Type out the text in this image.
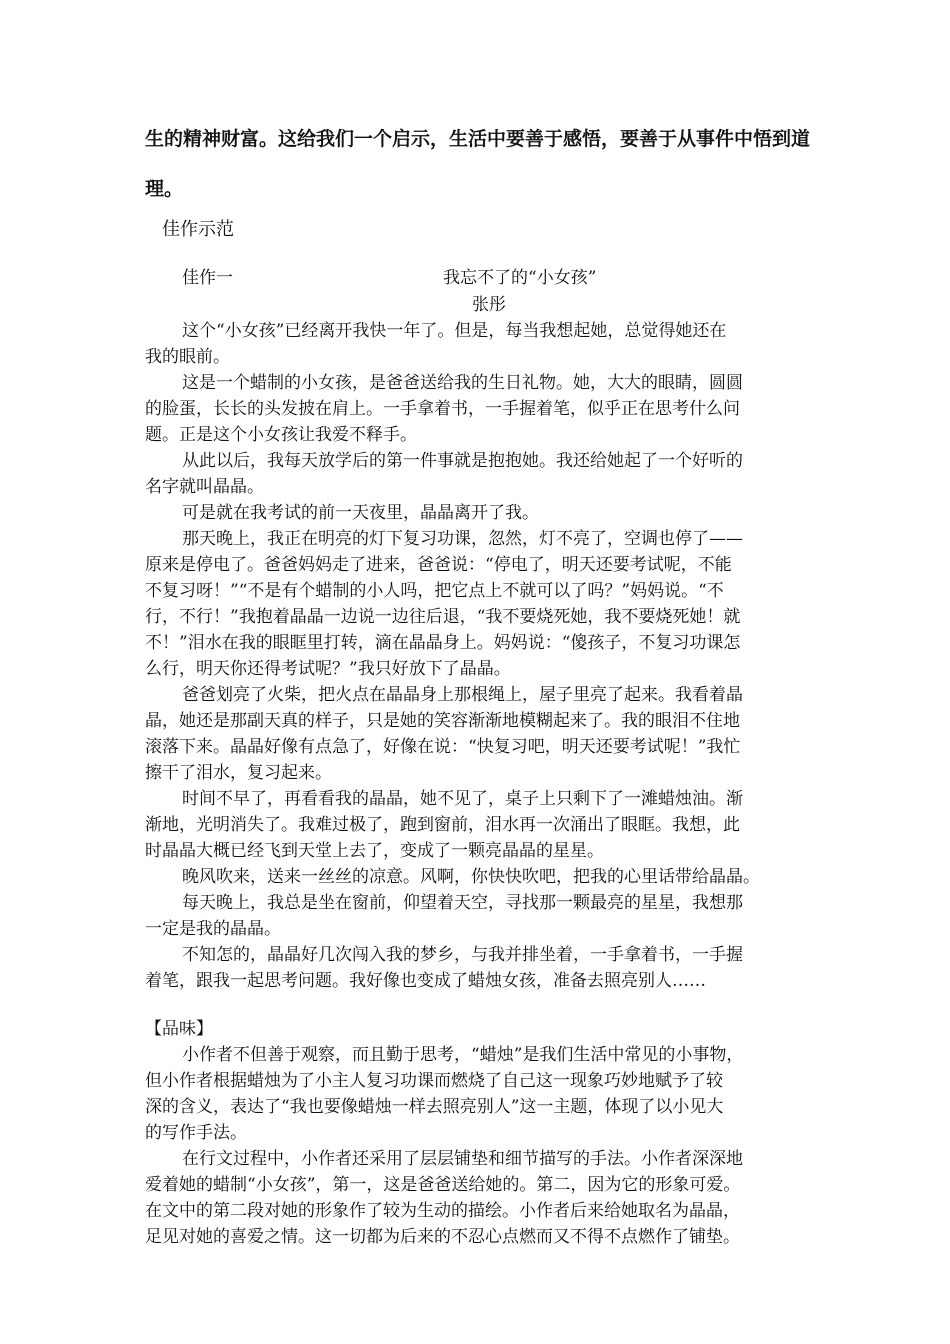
生的精神财富。这给我们一个启示，生活中要善于感悟，要善于从事件中悟到道
理。
佳作示范
佳作一	我忘不了的“小女孩”
张彤
这个“小女孩”已经离开我快一年了。但是，每当我想起她，总觉得她还在
我的眼前。
这是一个蜡制的小女孩，是爸爸送给我的生日礼物。她，大大的眼睛，圆圆
的脸蛋，长长的头发披在肩上。一手拿着书，一手握着笔，似乎正在思考什么问
题。正是这个小女孩让我爱不释手。
从此以后，我每天放学后的第一件事就是抱抱她。我还给她起了一个好听的
名字就叫晶晶。
可是就在我考试的前一天夜里，晶晶离开了我。
那天晚上，我正在明亮的灯下复习功课，忽然，灯不亮了，空调也停了——
原来是停电了。爸爸妈妈走了进来，爸爸说：“停电了，明天还要考试呢，不能
不复习呀！”“不是有个蜡制的小人吗，把它点上不就可以了吗？”妈妈说。“不
行，不行！”我抱着晶晶一边说一边往后退，“我不要烧死她，我不要烧死她！就
不！”泪水在我的眼眶里打转，滴在晶晶身上。妈妈说：“傻孩子，不复习功课怎
么行，明天你还得考试呢？”我只好放下了晶晶。
爸爸划亮了火柴，把火点在晶晶身上那根绳上，屋子里亮了起来。我看着晶
晶，她还是那副天真的样子，只是她的笑容渐渐地模糊起来了。我的眼泪不住地
滚落下来。晶晶好像有点急了，好像在说：“快复习吧，明天还要考试呢！”我忙
擦干了泪水，复习起来。
时间不早了，再看看我的晶晶，她不见了，桌子上只剩下了一滩蜡烛油。渐
渐地，光明消失了。我难过极了，跑到窗前，泪水再一次涌出了眼眶。我想，此
时晶晶大概已经飞到天堂上去了，变成了一颗亮晶晶的星星。
晚风吹来，送来一丝丝的凉意。风啊，你快快吹吧，把我的心里话带给晶晶。
每天晚上，我总是坐在窗前，仰望着天空，寻找那一颗最亮的星星，我想那
一定是我的晶晶。
不知怎的，晶晶好几次闯入我的梦乡，与我并排坐着，一手拿着书，一手握
着笔，跟我一起思考问题。我好像也变成了蜡烛女孩，准备去照亮别人……
【品味】
小作者不但善于观察，而且勤于思考，“蜡烛”是我们生活中常见的小事物，
但小作者根据蜡烛为了小主人复习功课而燃烧了自己这一现象巧妙地赋予了较
深的含义，表达了“我也要像蜡烛一样去照亮别人”这一主题，体现了以小见大
的写作手法。
在行文过程中，小作者还采用了层层铺垫和细节描写的手法。小作者深深地
爱着她的蜡制“小女孩”，第一，这是爸爸送给她的。第二，因为它的形象可爱。
在文中的第二段对她的形象作了较为生动的描绘。小作者后来给她取名为晶晶，
足见对她的喜爱之情。这一切都为后来的不忍心点燃而又不得不点燃作了铺垫。
